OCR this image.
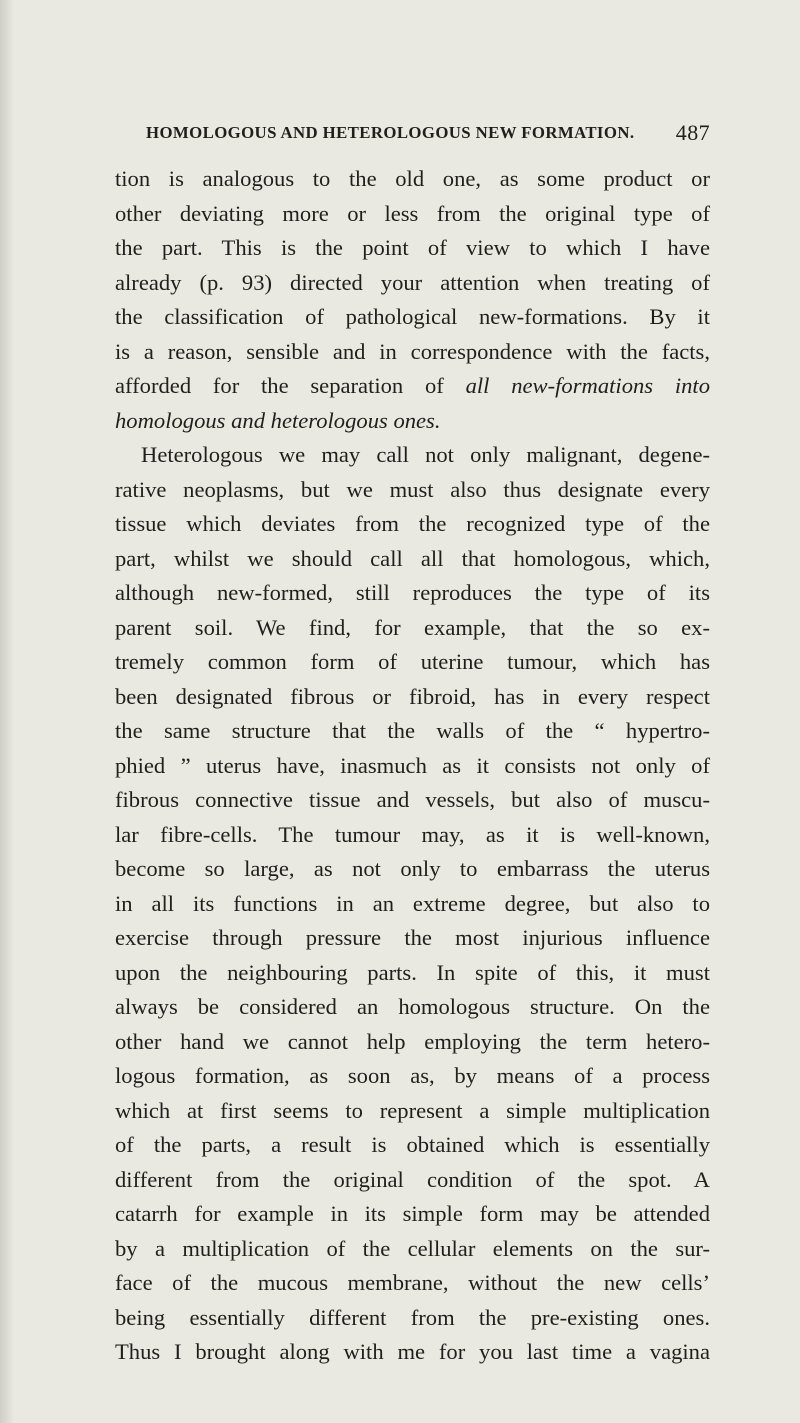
HOMOLOGOUS AND HETEROLOGOUS NEW FORMATION. 487
tion is analogous to the old one, as some product or
other deviating more or less from the original type of
the part. This is the point of view to which I have
already (p. 93) directed your attention when treating of
the classification of pathological new-formations. By it
is a reason, sensible and in correspondence with the facts,
afforded for the separation of all new-formations into
homologous and heterologous ones.
Heterologous we may call not only malignant, degene-
rative neoplasms, but we must also thus designate every
tissue which deviates from the recognized type of the
part, whilst we should call all that homologous, which,
although new-formed, still reproduces the type of its
parent soil. We find, for example, that the so ex-
tremely common form of uterine tumour, which has
been designated fibrous or fibroid, has in every respect
the same structure that the walls of the “ hypertro-
phied ” uterus have, inasmuch as it consists not only of
fibrous connective tissue and vessels, but also of muscu-
lar fibre-cells. The tumour may, as it is well-known,
become so large, as not only to embarrass the uterus
in all its functions in an extreme degree, but also to
exercise through pressure the most injurious influence
upon the neighbouring parts. In spite of this, it must
always be considered an homologous structure. On the
other hand we cannot help employing the term hetero-
logous formation, as soon as, by means of a process
which at first seems to represent a simple multiplication
of the parts, a result is obtained which is essentially
different from the original condition of the spot. A
catarrh for example in its simple form may be attended
by a multiplication of the cellular elements on the sur-
face of the mucous membrane, without the new cells’
being essentially different from the pre-existing ones.
Thus I brought along with me for you last time a vagina
